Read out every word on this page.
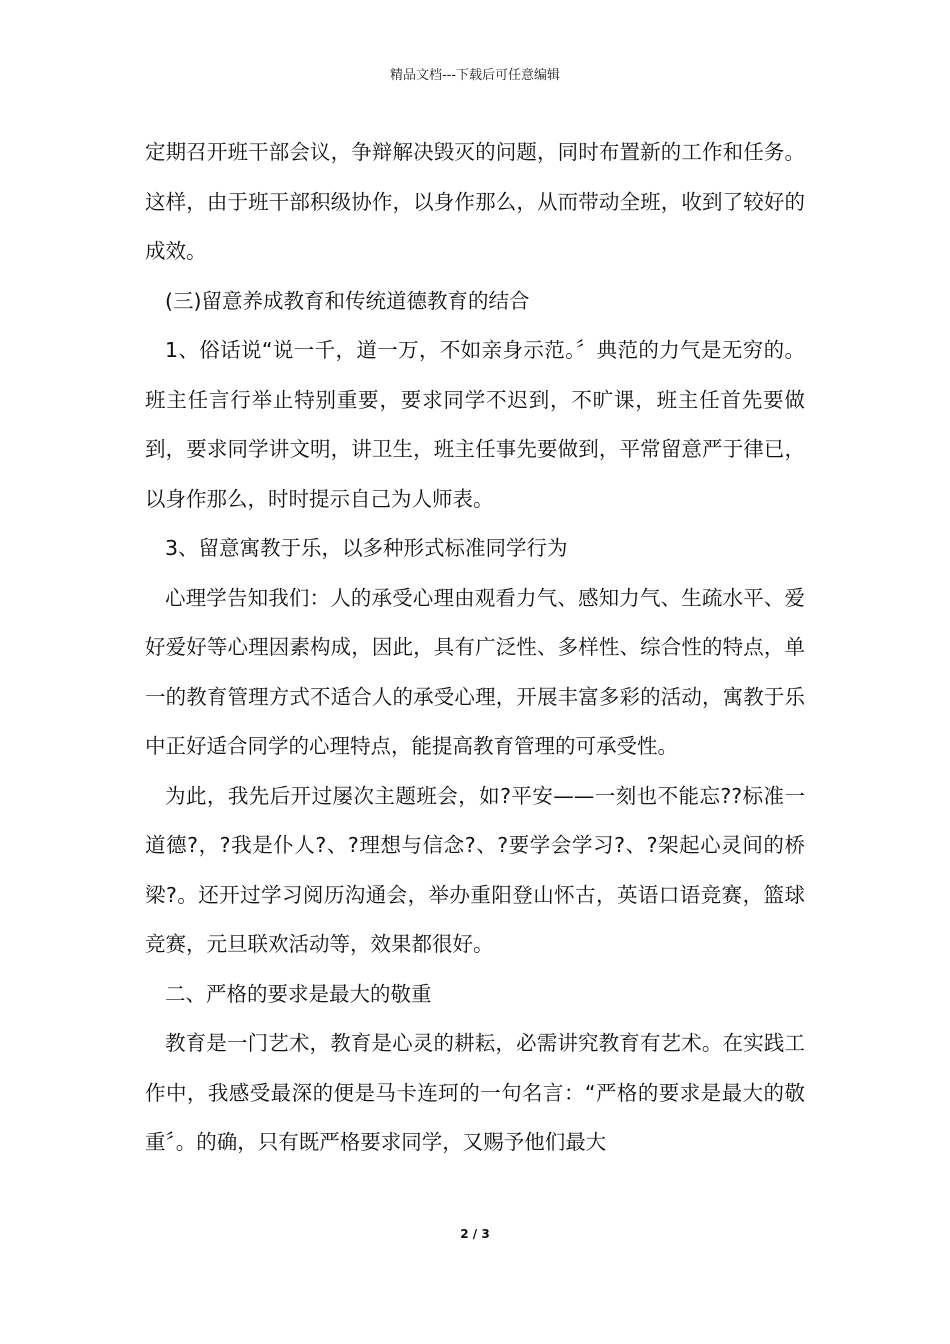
精品文档---下载后可任意编辑

定期召开班干部会议，争辩解决毁灭的问题，同时布置新的工作和任务。这样，由于班干部积级协作，以身作那么，从而带动全班，收到了较好的成效。

(三)留意养成教育和传统道德教育的结合

1、俗话说“说一千，道一万，不如亲身示范。〞典范的力气是无穷的。班主任言行举止特别重要，要求同学不迟到，不旷课，班主任首先要做到，要求同学讲文明，讲卫生，班主任事先要做到，平常留意严于律已，以身作那么，时时提示自己为人师表。

3、留意寓教于乐，以多种形式标准同学行为

心理学告知我们：人的承受心理由观看力气、感知力气、生疏水平、爱好爱好等心理因素构成，因此，具有广泛性、多样性、综合性的特点，单一的教育管理方式不适合人的承受心理，开展丰富多彩的活动，寓教于乐中正好适合同学的心理特点，能提高教育管理的可承受性。

为此，我先后开过屡次主题班会，如?平安——一刻也不能忘??标准一道德?，?我是仆人?、?理想与信念?、?要学会学习?、?架起心灵间的桥梁?。还开过学习阅历沟通会，举办重阳登山怀古，英语口语竞赛，篮球竞赛，元旦联欢活动等，效果都很好。

二、严格的要求是最大的敬重

教育是一门艺术，教育是心灵的耕耘，必需讲究教育有艺术。在实践工作中，我感受最深的便是马卡连珂的一句名言：“严格的要求是最大的敬重〞。的确，只有既严格要求同学，又赐予他们最大

2 / 3
